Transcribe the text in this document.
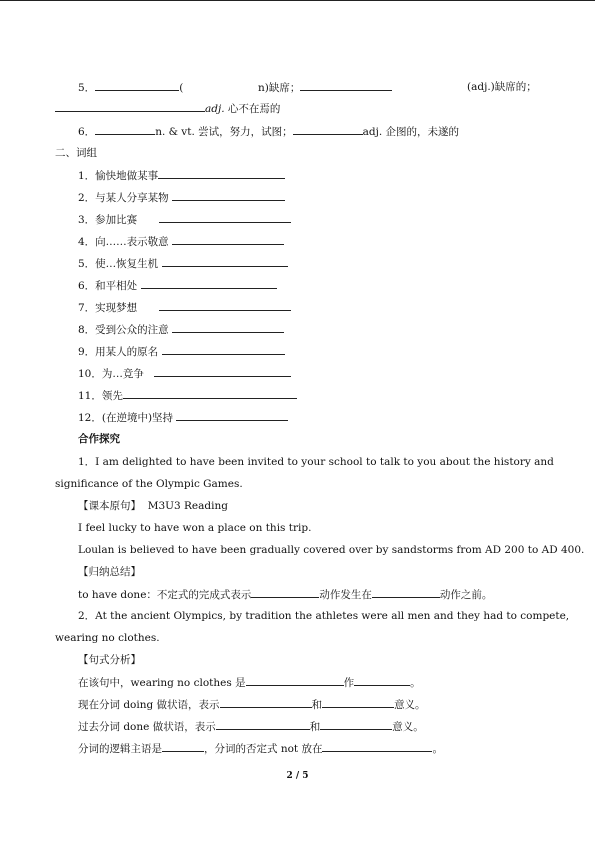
5．	(	n)缺席；	(adj.)缺席的；
adj. 心不在焉的
6．	n. & vt. 尝试，努力，试图；	adj. 企图的，未遂的
二、词组
1．愉快地做某事
2．与某人分享某物
3．参加比赛
4．向……表示敬意
5．使…恢复生机
6．和平相处
7．实现梦想
8．受到公众的注意
9．用某人的原名
10．为…竞争
11．领先
12．(在逆境中)坚持
合作探究
1．I am delighted to have been invited to your school to talk to you about the history and
significance of the Olympic Games.
【课本原句】 M3U3 Reading
I feel lucky to have won a place on this trip.
Loulan is believed to have been gradually covered over by sandstorms from AD 200 to AD 400.
【归纳总结】
to have done：不定式的完成式表示	动作发生在	动作之前。
2．At the ancient Olympics, by tradition the athletes were all men and they had to compete,
wearing no clothes.
【句式分析】
在该句中，wearing no clothes 是	作	。
现在分词 doing 做状语，表示	和	意义。
过去分词 done 做状语，表示	和	意义。
分词的逻辑主语是	，分词的否定式 not 放在	。
2 / 5
